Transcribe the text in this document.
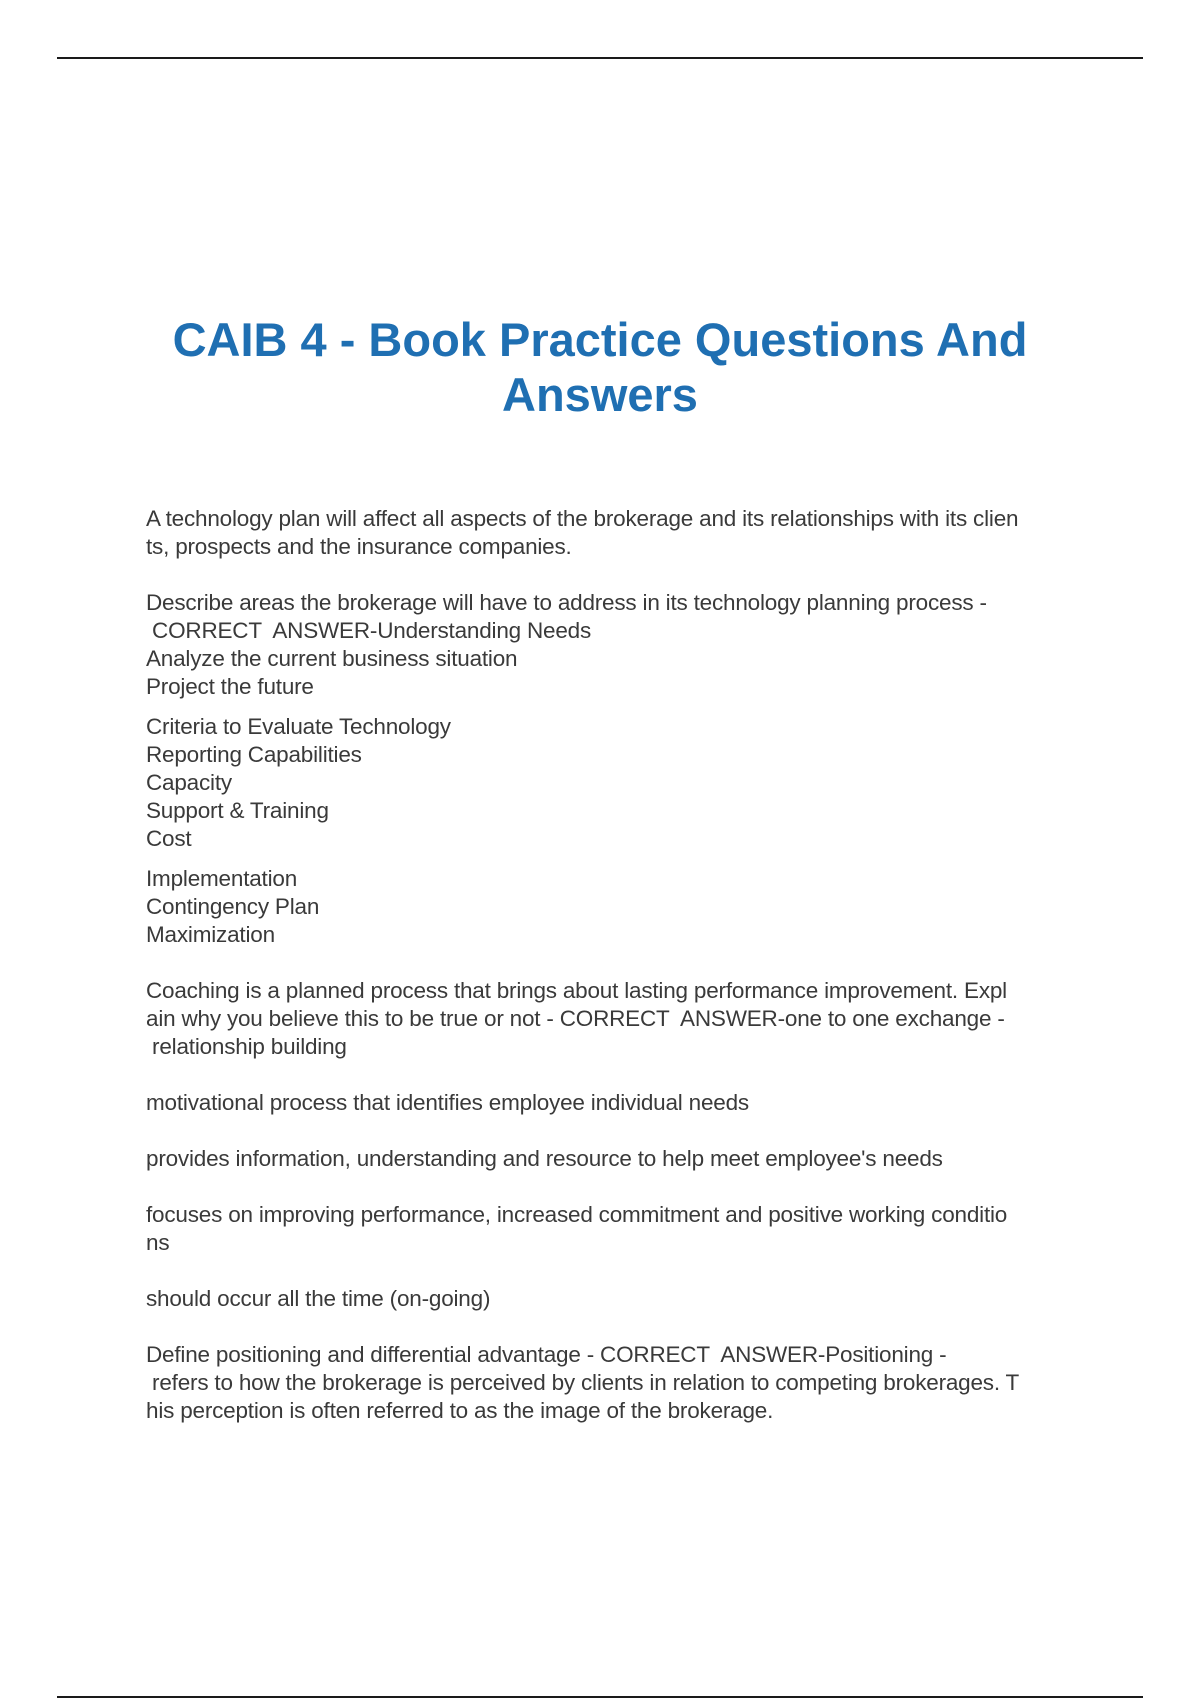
CAIB 4 - Book Practice Questions And
Answers

A technology plan will affect all aspects of the brokerage and its relationships with its clien
ts, prospects and the insurance companies.

Describe areas the brokerage will have to address in its technology planning process -
CORRECT  ANSWER-Understanding Needs
Analyze the current business situation
Project the future

Criteria to Evaluate Technology
Reporting Capabilities
Capacity
Support & Training
Cost

Implementation
Contingency Plan
Maximization

Coaching is a planned process that brings about lasting performance improvement. Expl
ain why you believe this to be true or not - CORRECT  ANSWER-one to one exchange -
relationship building

motivational process that identifies employee individual needs

provides information, understanding and resource to help meet employee's needs

focuses on improving performance, increased commitment and positive working conditio
ns

should occur all the time (on-going)

Define positioning and differential advantage - CORRECT  ANSWER-Positioning -
refers to how the brokerage is perceived by clients in relation to competing brokerages. T
his perception is often referred to as the image of the brokerage.
